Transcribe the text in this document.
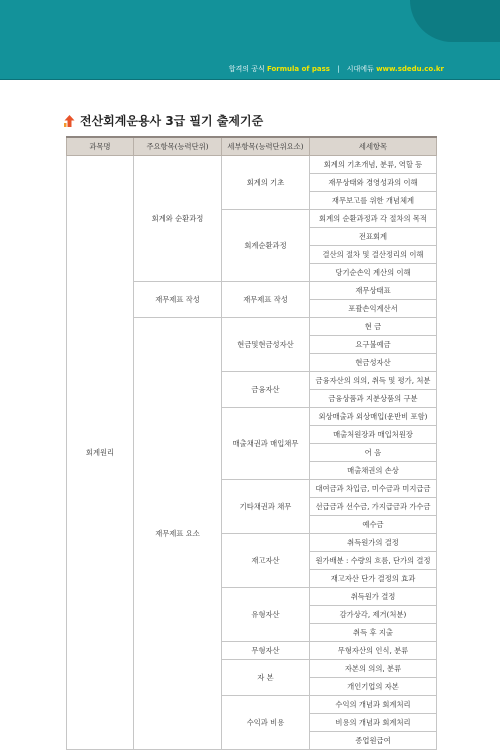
합격의 공식 Formula of pass | 시대에듀 www.sdedu.co.kr
전산회계운용사 3급 필기 출제기준
과목명	주요항목(능력단위)	세부항목(능력단위요소)	세세항목
회계원리	회계와 순환과정	회계의 기초	회계의 기초개념, 분류, 역할 등
			재무상태와 경영성과의 이해
			재무보고를 위한 개념체계
		회계순환과정	회계의 순환과정과 각 절차의 목적
			전표회계
			결산의 절차 및 결산정리의 이해
			당기순손익 계산의 이해
	재무제표 작성	재무제표 작성	재무상태표
			포괄손익계산서
	재무제표 요소	현금및현금성자산	현 금
			요구불예금
			현금성자산
		금융자산	금융자산의 의의, 취득 및 평가, 처분
			금융상품과 지분상품의 구분
		매출채권과 매입채무	외상매출과 외상매입(운반비 포함)
			매출처원장과 매입처원장
			어 음
			매출채권의 손상
		기타채권과 채무	대여금과 차입금, 미수금과 미지급금
			선급금과 선수금, 가지급금과 가수금
			예수금
		재고자산	취득원가의 결정
			원가배분 : 수량의 흐름, 단가의 결정
			재고자산 단가 결정의 효과
		유형자산	취득원가 결정
			감가상각, 제거(처분)
			취득 후 지출
		무형자산	무형자산의 인식, 분류
		자 본	자본의 의의, 분류
			개인기업의 자본
		수익과 비용	수익의 개념과 회계처리
			비용의 개념과 회계처리
			종업원급여
